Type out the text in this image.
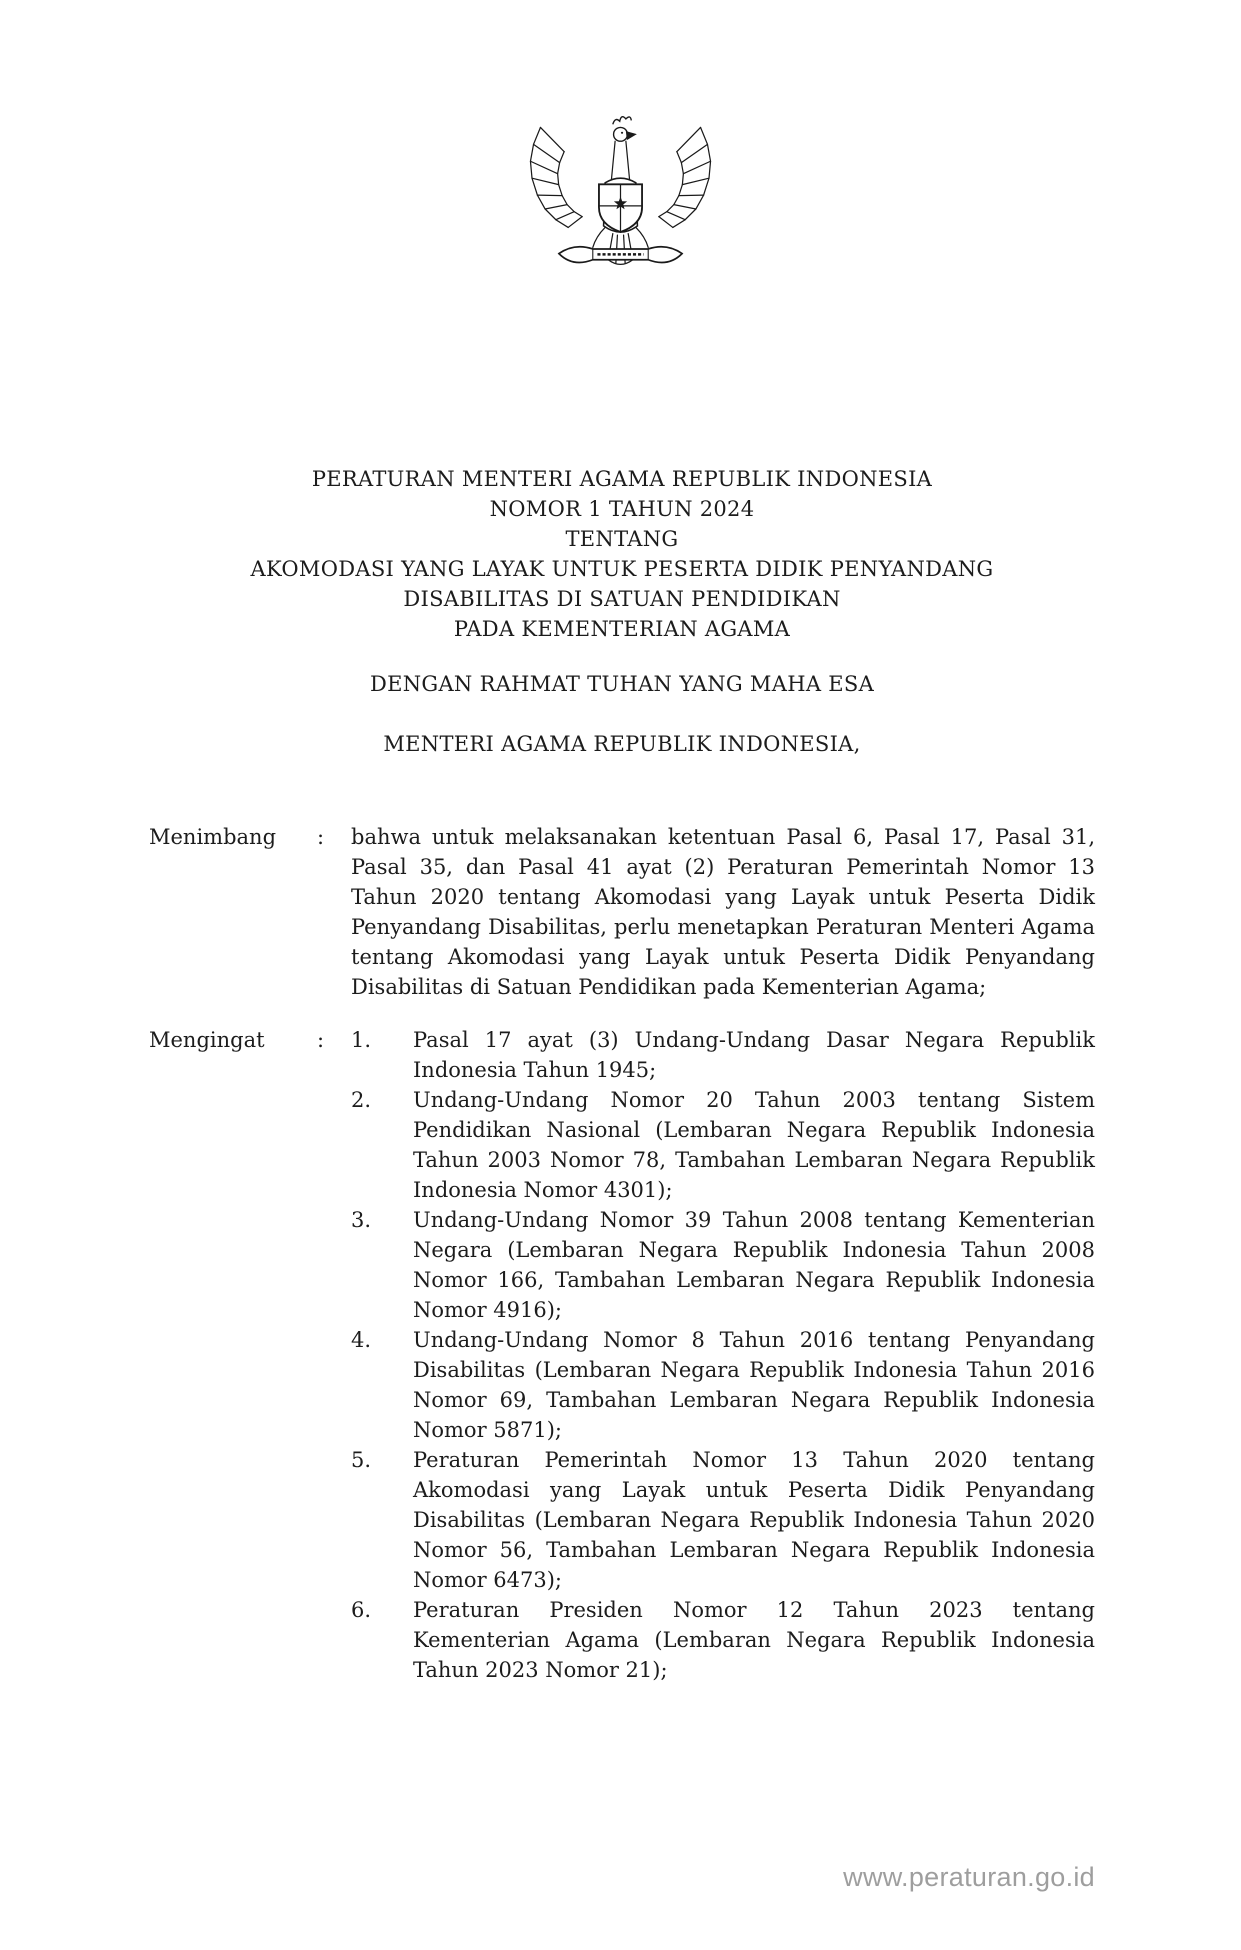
PERATURAN MENTERI AGAMA REPUBLIK INDONESIA
NOMOR 1 TAHUN 2024
TENTANG
AKOMODASI YANG LAYAK UNTUK PESERTA DIDIK PENYANDANG
DISABILITAS DI SATUAN PENDIDIKAN
PADA KEMENTERIAN AGAMA
DENGAN RAHMAT TUHAN YANG MAHA ESA
MENTERI AGAMA REPUBLIK INDONESIA,
Menimbang	:	bahwa untuk melaksanakan ketentuan Pasal 6, Pasal 17, Pasal 31, Pasal 35, dan Pasal 41 ayat (2) Peraturan Pemerintah Nomor 13 Tahun 2020 tentang Akomodasi yang Layak untuk Peserta Didik Penyandang Disabilitas, perlu menetapkan Peraturan Menteri Agama tentang Akomodasi yang Layak untuk Peserta Didik Penyandang Disabilitas di Satuan Pendidikan pada Kementerian Agama;
Mengingat	:	1.	Pasal 17 ayat (3) Undang-Undang Dasar Negara Republik Indonesia Tahun 1945;
2.	Undang-Undang Nomor 20 Tahun 2003 tentang Sistem Pendidikan Nasional (Lembaran Negara Republik Indonesia Tahun 2003 Nomor 78, Tambahan Lembaran Negara Republik Indonesia Nomor 4301);
3.	Undang-Undang Nomor 39 Tahun 2008 tentang Kementerian Negara (Lembaran Negara Republik Indonesia Tahun 2008 Nomor 166, Tambahan Lembaran Negara Republik Indonesia Nomor 4916);
4.	Undang-Undang Nomor 8 Tahun 2016 tentang Penyandang Disabilitas (Lembaran Negara Republik Indonesia Tahun 2016 Nomor 69, Tambahan Lembaran Negara Republik Indonesia Nomor 5871);
5.	Peraturan Pemerintah Nomor 13 Tahun 2020 tentang Akomodasi yang Layak untuk Peserta Didik Penyandang Disabilitas (Lembaran Negara Republik Indonesia Tahun 2020 Nomor 56, Tambahan Lembaran Negara Republik Indonesia Nomor 6473);
6.	Peraturan Presiden Nomor 12 Tahun 2023 tentang Kementerian Agama (Lembaran Negara Republik Indonesia Tahun 2023 Nomor 21);
www.peraturan.go.id
